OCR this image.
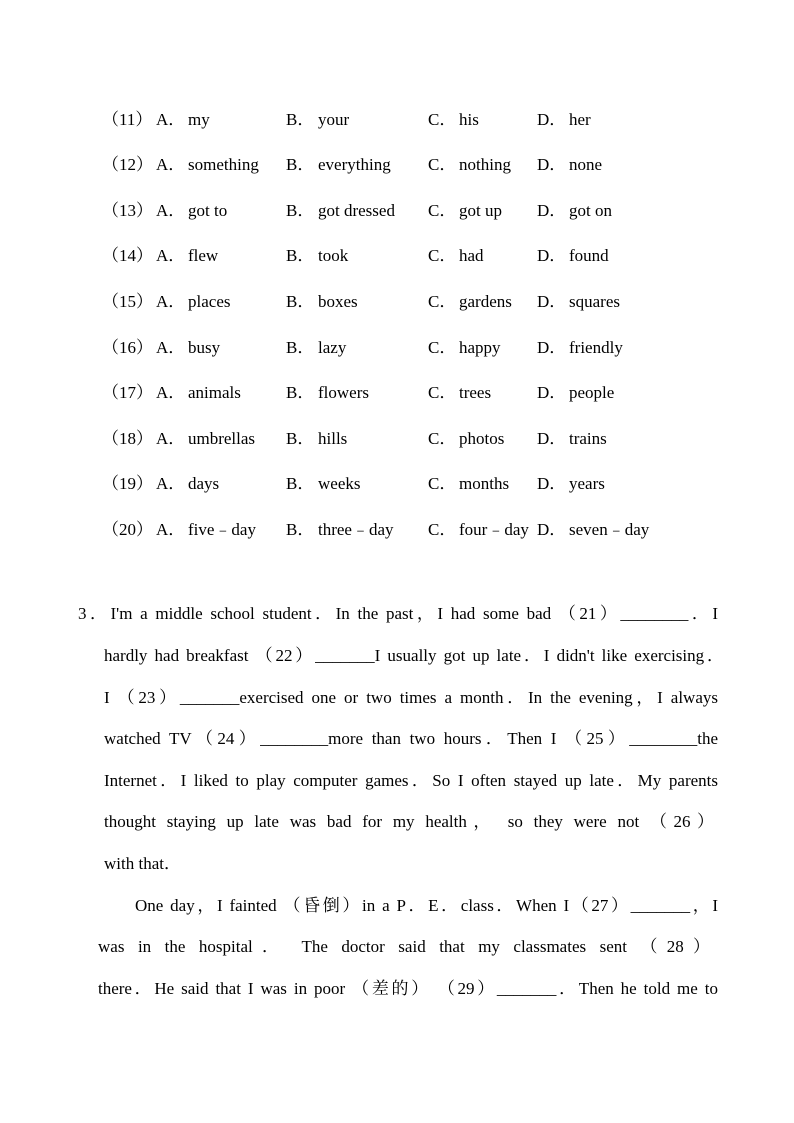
（11） A． my	B． your	C． his	D． her
（12） A． something B． everything C． nothing D． none
（13） A． got to	B． got dressed C． got up D． got on
（14） A． flew	B． took	C． had	D． found
（15） A． places	B． boxes	C． gardens D． squares
（16） A． busy	B． lazy	C． happy D． friendly
（17） A． animals	B． flowers	C． trees	D． people
（18） A． umbrellas B． hills	C． photos D． trains
（19） A． days	B． weeks	C． months D． years
（20） A． five﹣day B． three﹣day C． four﹣day D． seven﹣day
3．I'm a middle school student．In the past，I had some bad （21）________．I
hardly had breakfast （22）_______I usually got up late．I didn't like exercising．
I （23）_______exercised one or two times a month．In the evening，I always
watched TV（24）________more than two hours．Then I （25）________the
Internet．I liked to play computer games．So I often stayed up late．My parents
thought staying up late was bad for my health， so they were not （26）
with that．
One day，I fainted （昏倒）in a P．E．class．When I（27）_______，I
was in the hospital． The doctor said that my classmates sent （28）
there．He said that I was in poor （差的） （29）_______．Then he told me to
